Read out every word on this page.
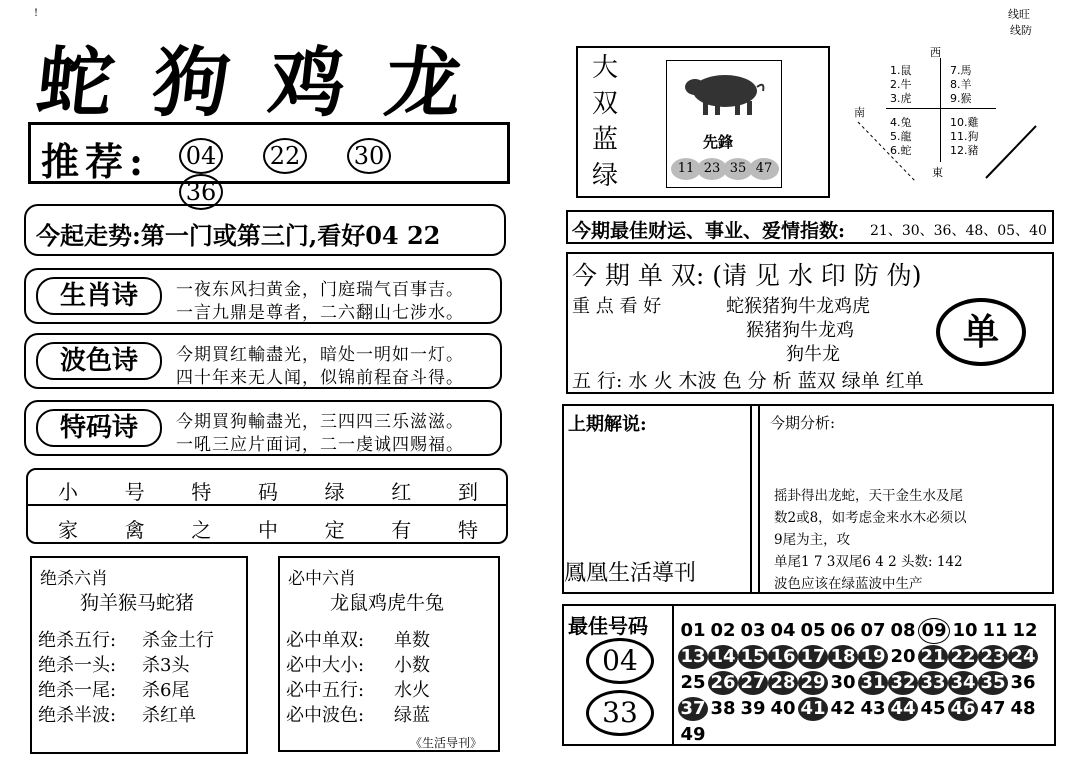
!
蛇狗鸡龙
推荐: 04 22 3036
今起走势:第一门或第三门,看好04 22
生肖诗	一夜东风扫黄金，门庭瑞气百事吉。
一言九鼎是尊者，二六翻山七涉水。
波色诗	今期買红輸盡光，暗处一明如一灯。
四十年来无人闻，似锦前程奋斗得。
特码诗	今期買狗輸盡光，三四四三乐滋滋。
一吼三应片面词，二一虔诚四赐福。
小 号 特 码 绿 红 到
家 禽 之 中 定 有 特
绝杀六肖
狗羊猴马蛇猪
绝杀五行: 杀金土行
绝杀一头: 杀3头
绝杀一尾: 杀6尾
绝杀半波: 杀红单
必中六肖
龙鼠鸡虎牛兔
必中单双: 单数
必中大小: 小数
必中五行: 水火
必中波色: 绿蓝
《生活导刊》
大
双
蓝
绿
先鋒
11 23 35 47
西
南
東
1.鼠
2.牛
3.虎
4.兔
5.龍
6.蛇
7.馬
8.羊
9.猴
10.雞
11.狗
12.豬
线旺
线防
今期最佳财运、事业、爱情指数: 21、30、36、48、05、40
今 期 单 双: (请 见 水 印 防 伪)
重 点 看 好	蛇猴猪狗牛龙鸡虎
猴猪狗牛龙鸡
狗牛龙
单
五 行: 水 火 木波 色 分 析 蓝双 绿单 红单
上期解说:
鳳凰生活導刊
今期分析:
摇卦得出龙蛇，天干金生水及尾
数2或8，如考虑金来水木必须以
9尾为主，攻
单尾1 7 3双尾6 4 2 头数: 142
波色应该在绿蓝波中生产
最佳号码
04
33
01 02 03 04 05 06 07 08 09 10 11 12
13 14 15 16 17 18 19 20 21 22 23 24
25 26 27 28 29 30 31 32 33 34 35 36
37 38 39 40 41 42 43 44 45 46 47 48
49
